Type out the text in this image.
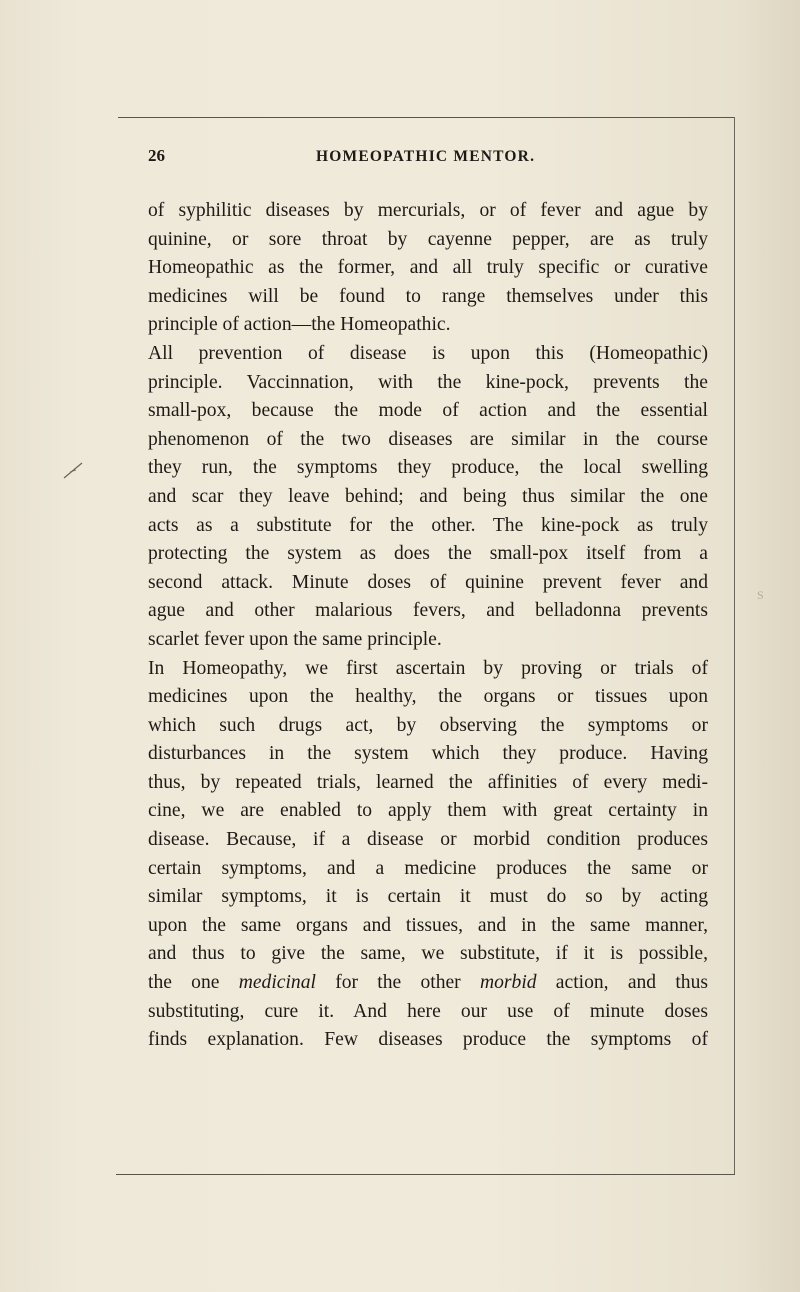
26	HOMEOPATHIC MENTOR.
S
of syphilitic diseases by mercurials, or of fever and ague by
quinine, or sore throat by cayenne pepper, are as truly
Homeopathic as the former, and all truly specific or curative
medicines will be found to range themselves under this
principle of action—the Homeopathic.
All prevention of disease is upon this (Homeopathic)
principle. Vaccinnation, with the kine-pock, prevents the
small-pox, because the mode of action and the essential
phenomenon of the two diseases are similar in the course
they run, the symptoms they produce, the local swelling
and scar they leave behind; and being thus similar the one
acts as a substitute for the other. The kine-pock as truly
protecting the system as does the small-pox itself from a
second attack. Minute doses of quinine prevent fever and
ague and other malarious fevers, and belladonna prevents
scarlet fever upon the same principle.
In Homeopathy, we first ascertain by proving or trials of
medicines upon the healthy, the organs or tissues upon
which such drugs act, by observing the symptoms or
disturbances in the system which they produce. Having
thus, by repeated trials, learned the affinities of every medi-
cine, we are enabled to apply them with great certainty in
disease. Because, if a disease or morbid condition produces
certain symptoms, and a medicine produces the same or
similar symptoms, it is certain it must do so by acting
upon the same organs and tissues, and in the same manner,
and thus to give the same, we substitute, if it is possible,
the one medicinal for the other morbid action, and thus
substituting, cure it. And here our use of minute doses
finds explanation. Few diseases produce the symptoms of
